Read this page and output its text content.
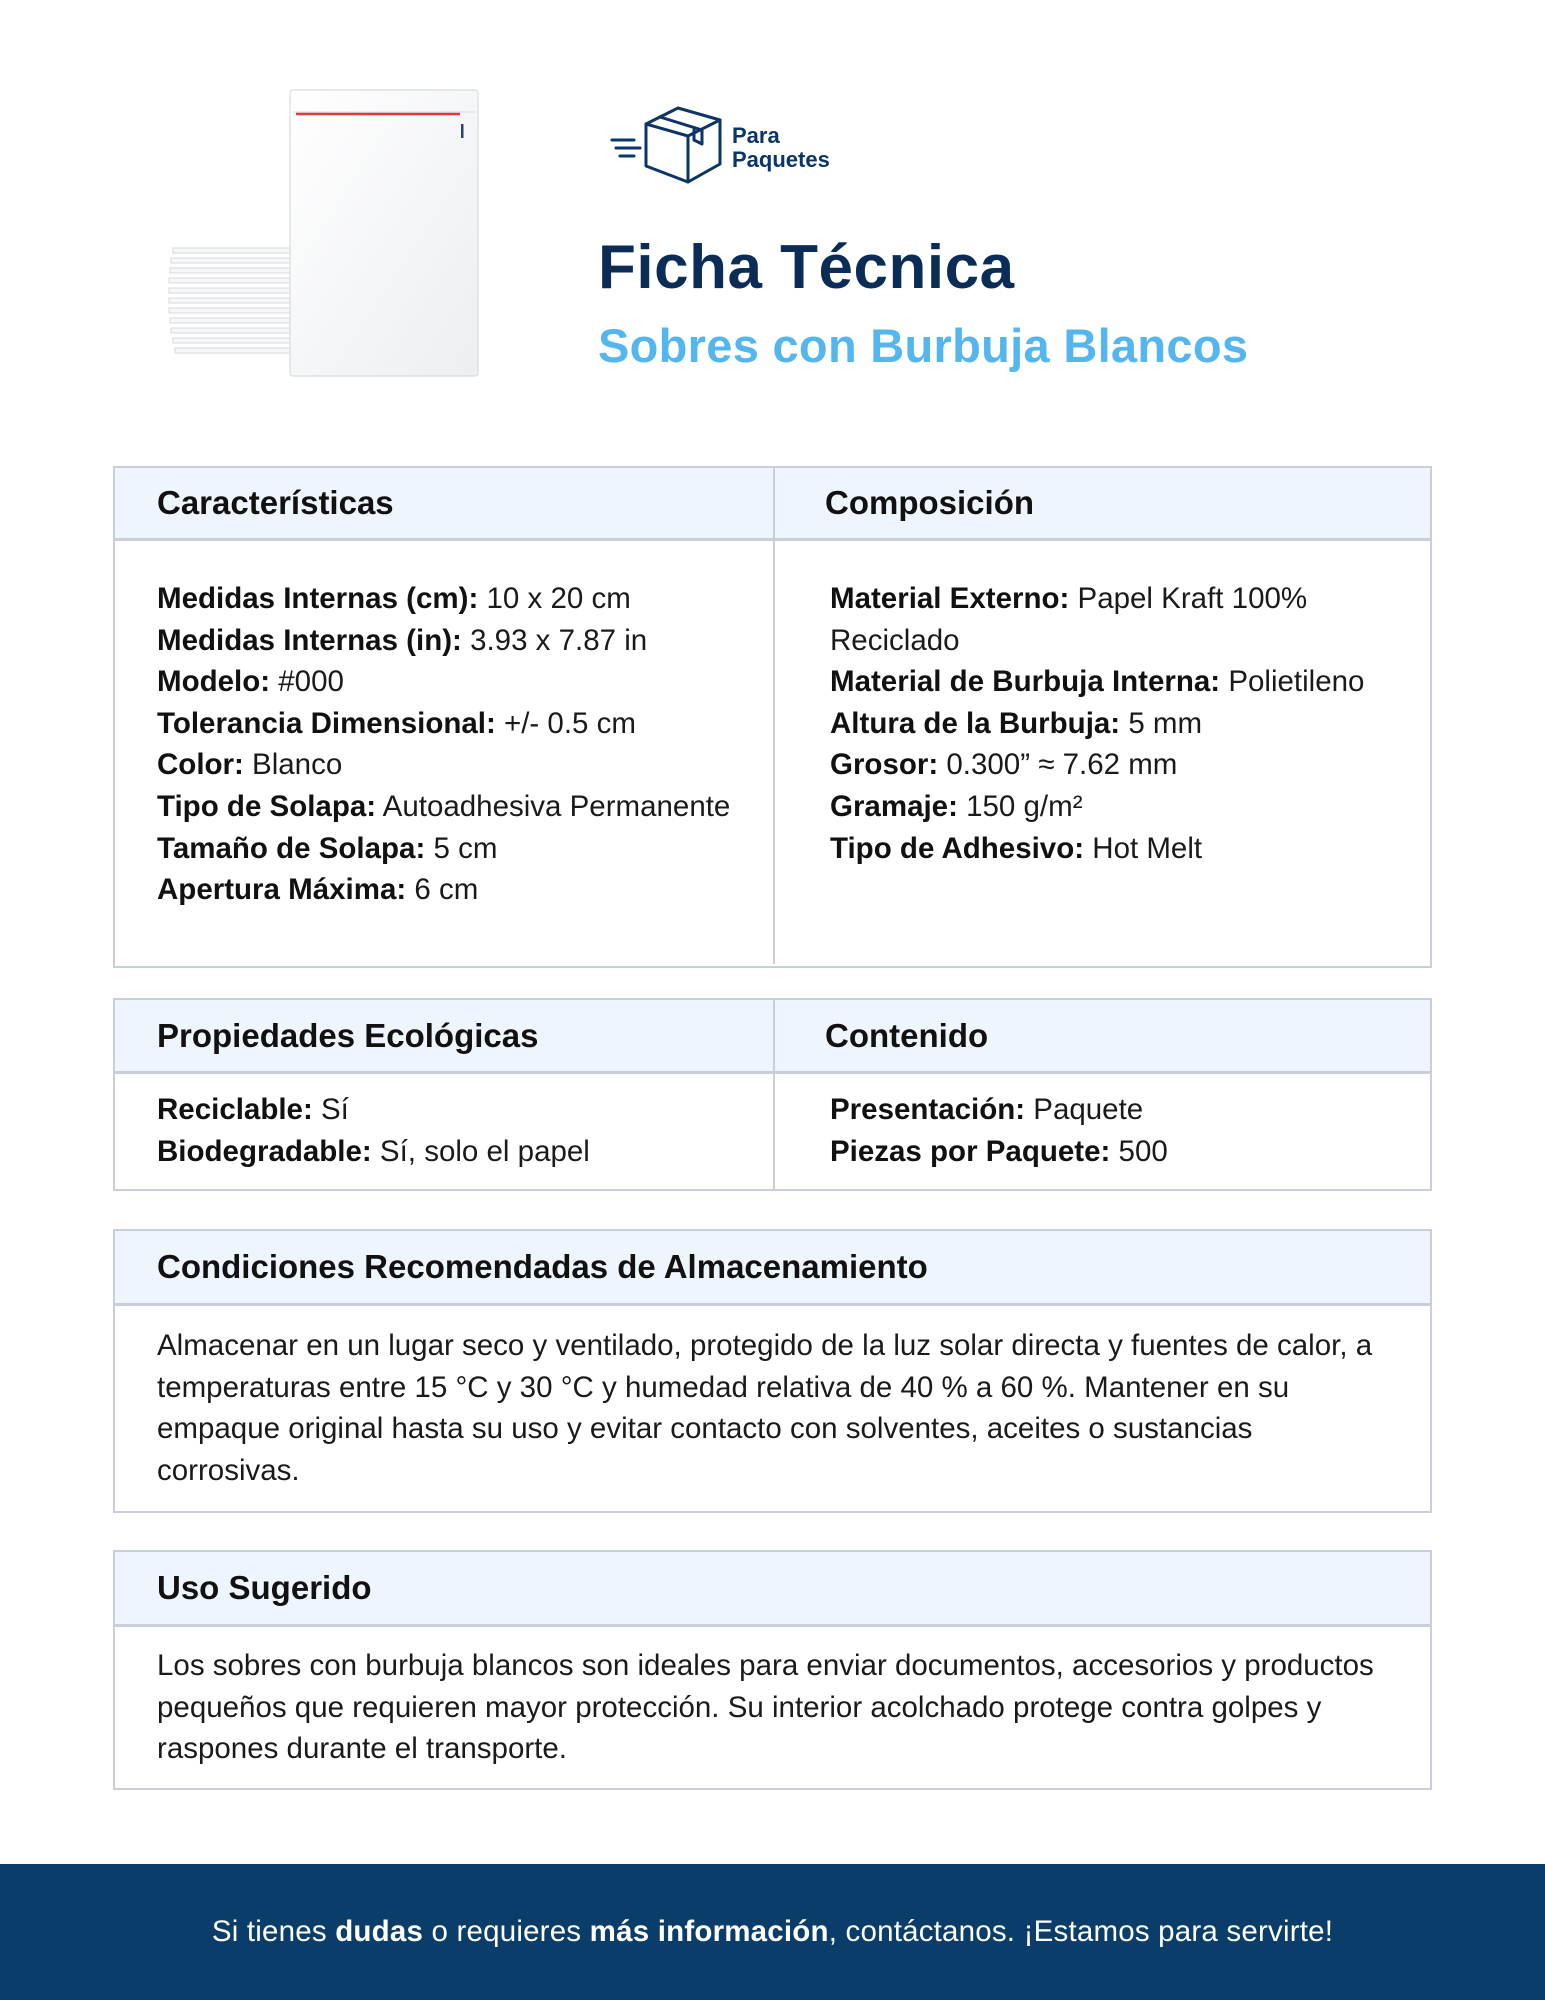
Para
Paquetes
Ficha Técnica
Sobres con Burbuja Blancos
Características	Composición
Medidas Internas (cm): 10 x 20 cm
Medidas Internas (in): 3.93 x 7.87 in
Modelo: #000
Tolerancia Dimensional: +/- 0.5 cm
Color: Blanco
Tipo de Solapa: Autoadhesiva Permanente
Tamaño de Solapa: 5 cm
Apertura Máxima: 6 cm
Material Externo: Papel Kraft 100% Reciclado
Material de Burbuja Interna: Polietileno
Altura de la Burbuja: 5 mm
Grosor: 0.300” ≈ 7.62 mm
Gramaje: 150 g/m²
Tipo de Adhesivo: Hot Melt
Propiedades Ecológicas	Contenido
Reciclable: Sí
Biodegradable: Sí, solo el papel
Presentación: Paquete
Piezas por Paquete: 500
Condiciones Recomendadas de Almacenamiento
Almacenar en un lugar seco y ventilado, protegido de la luz solar directa y fuentes de calor, a temperaturas entre 15 °C y 30 °C y humedad relativa de 40 % a 60 %. Mantener en su empaque original hasta su uso y evitar contacto con solventes, aceites o sustancias corrosivas.
Uso Sugerido
Los sobres con burbuja blancos son ideales para enviar documentos, accesorios y productos pequeños que requieren mayor protección. Su interior acolchado protege contra golpes y raspones durante el transporte.
Si tienes dudas o requieres más información, contáctanos. ¡Estamos para servirte!
